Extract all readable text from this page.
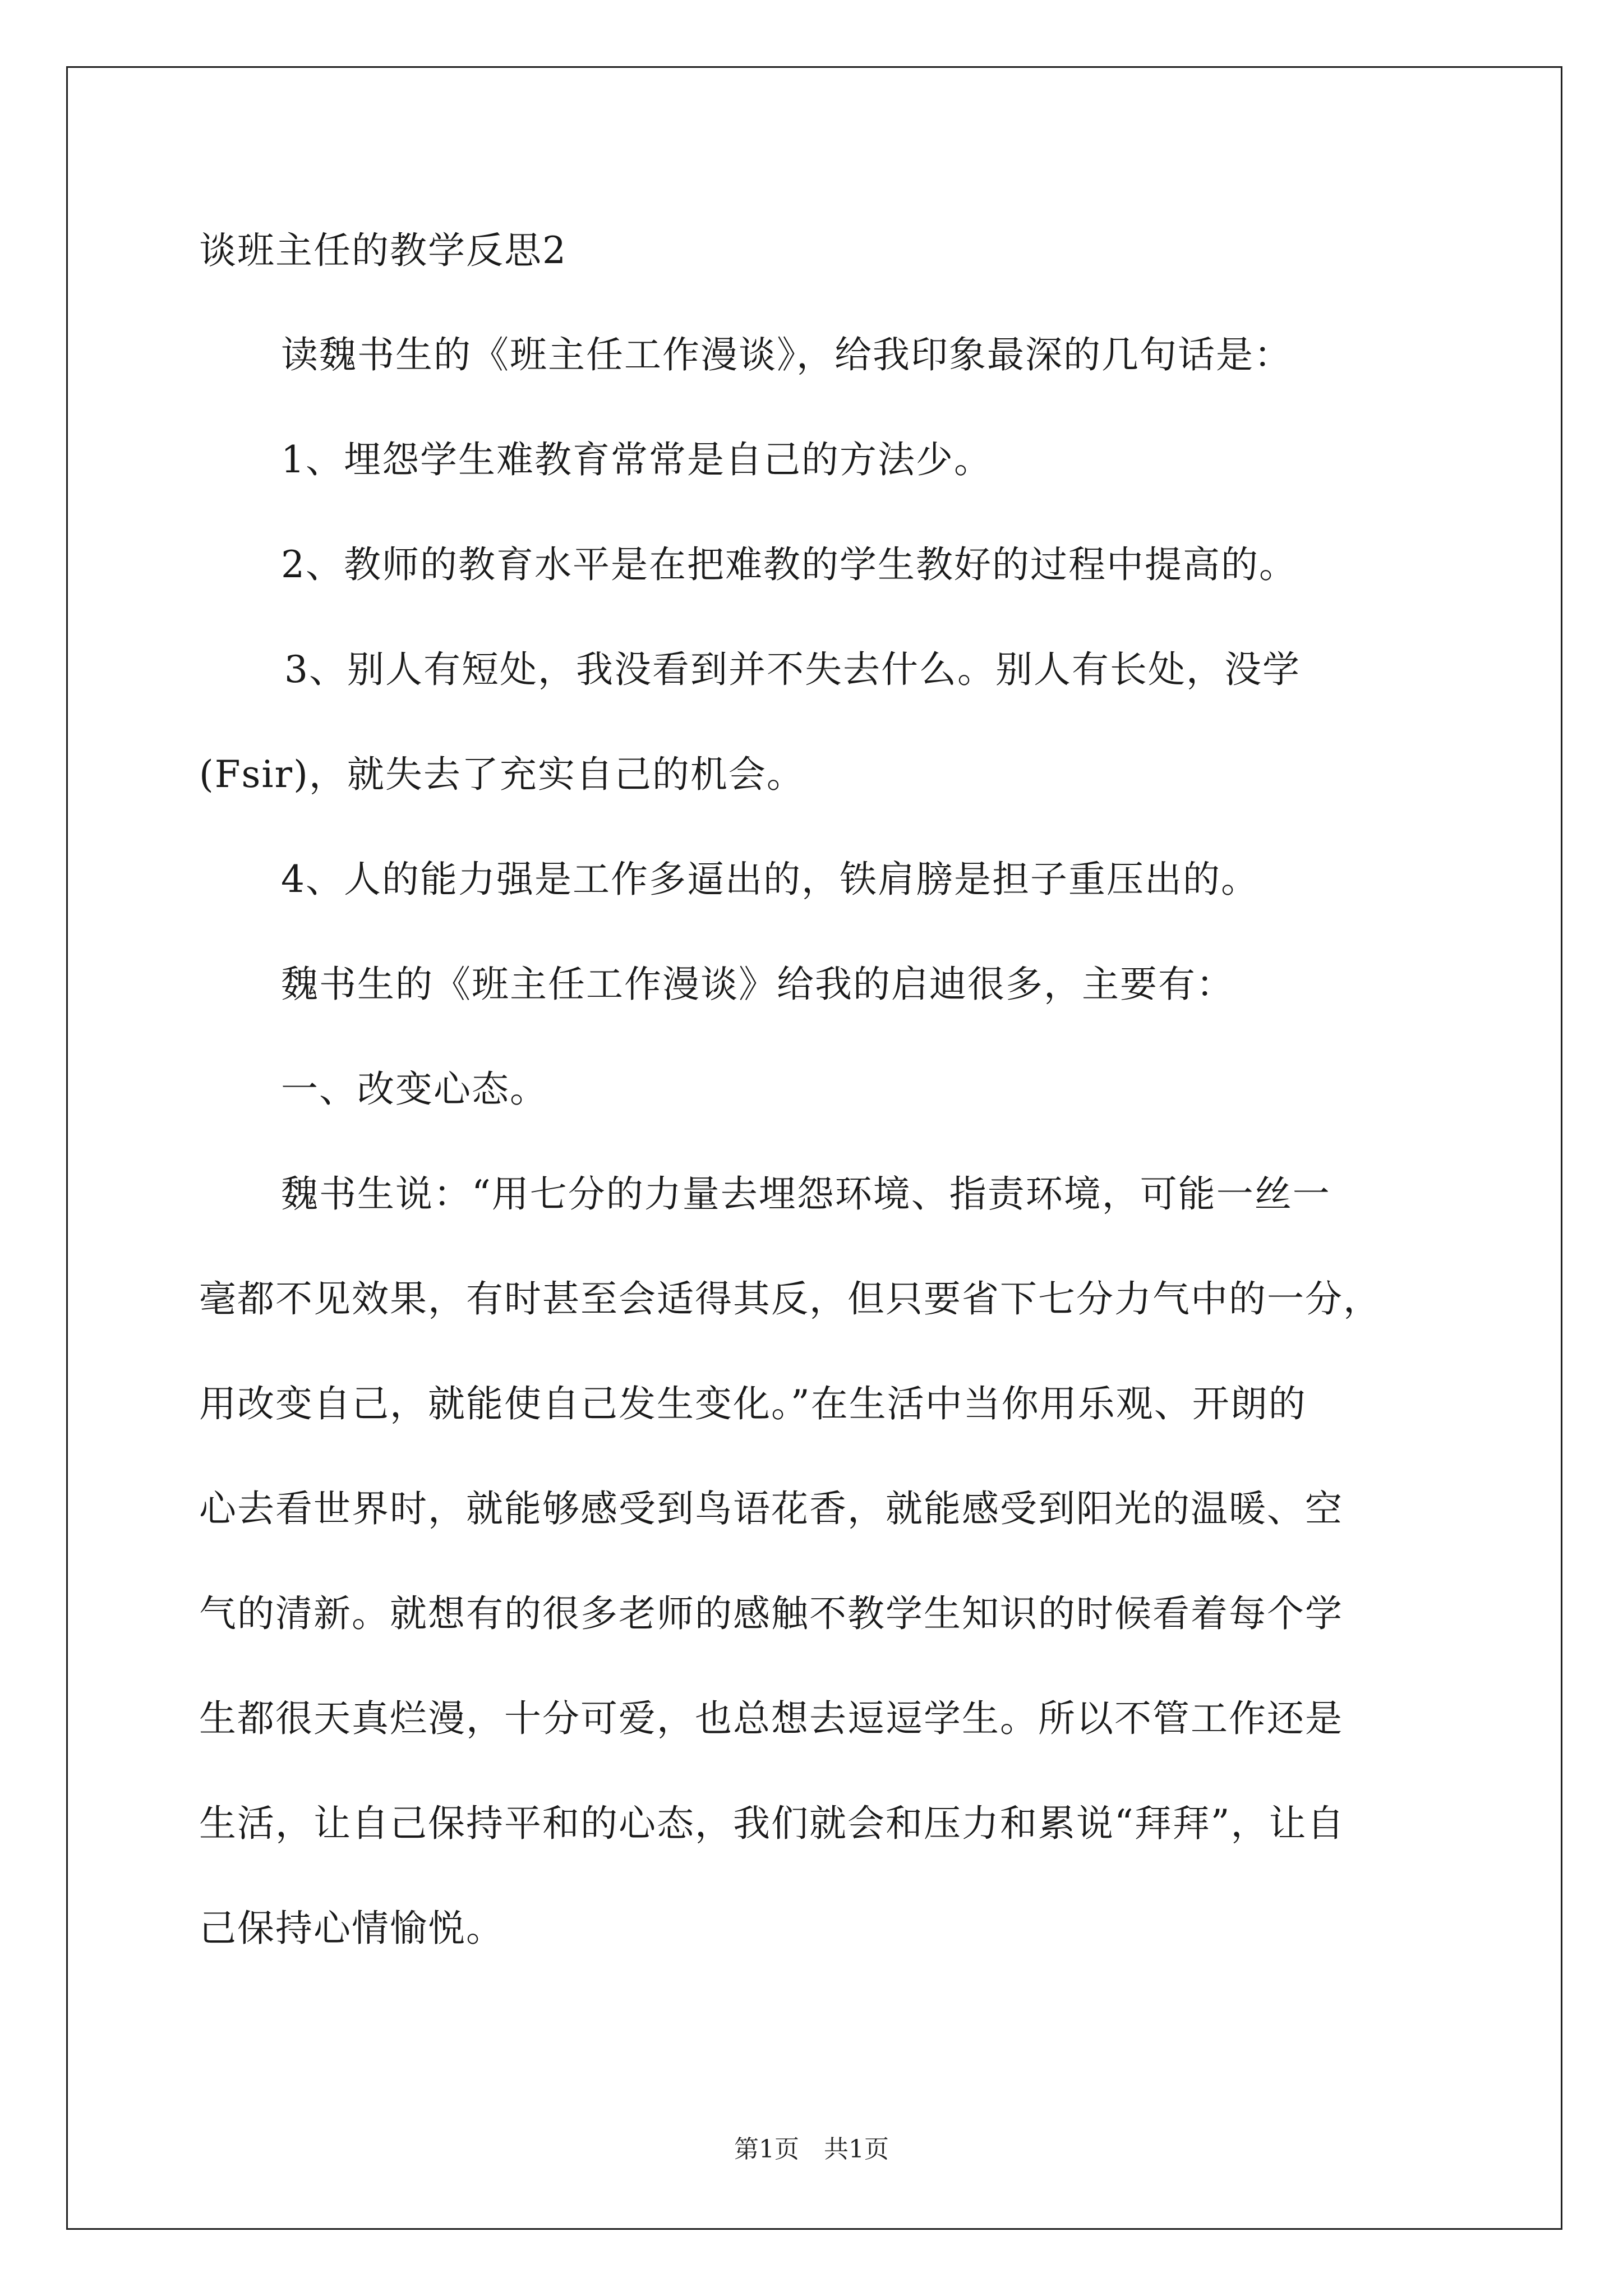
谈班主任的教学反思2
读魏书生的《班主任工作漫谈》，给我印象最深的几句话是：
1、埋怨学生难教育常常是自己的方法少。
2、教师的教育水平是在把难教的学生教好的过程中提高的。
3、别人有短处，我没看到并不失去什么。别人有长处，没学
(Fsir)，就失去了充实自己的机会。
4、人的能力强是工作多逼出的，铁肩膀是担子重压出的。
魏书生的《班主任工作漫谈》给我的启迪很多，主要有：
一、改变心态。
魏书生说：“用七分的力量去埋怨环境、指责环境，可能一丝一
毫都不见效果，有时甚至会适得其反，但只要省下七分力气中的一分，
用改变自己，就能使自己发生变化。”在生活中当你用乐观、开朗的
心去看世界时，就能够感受到鸟语花香，就能感受到阳光的温暖、空
气的清新。就想有的很多老师的感触不教学生知识的时候看着每个学
生都很天真烂漫，十分可爱，也总想去逗逗学生。所以不管工作还是
生活，让自己保持平和的心态，我们就会和压力和累说“拜拜”，让自
己保持心情愉悦。
第1页　共1页
